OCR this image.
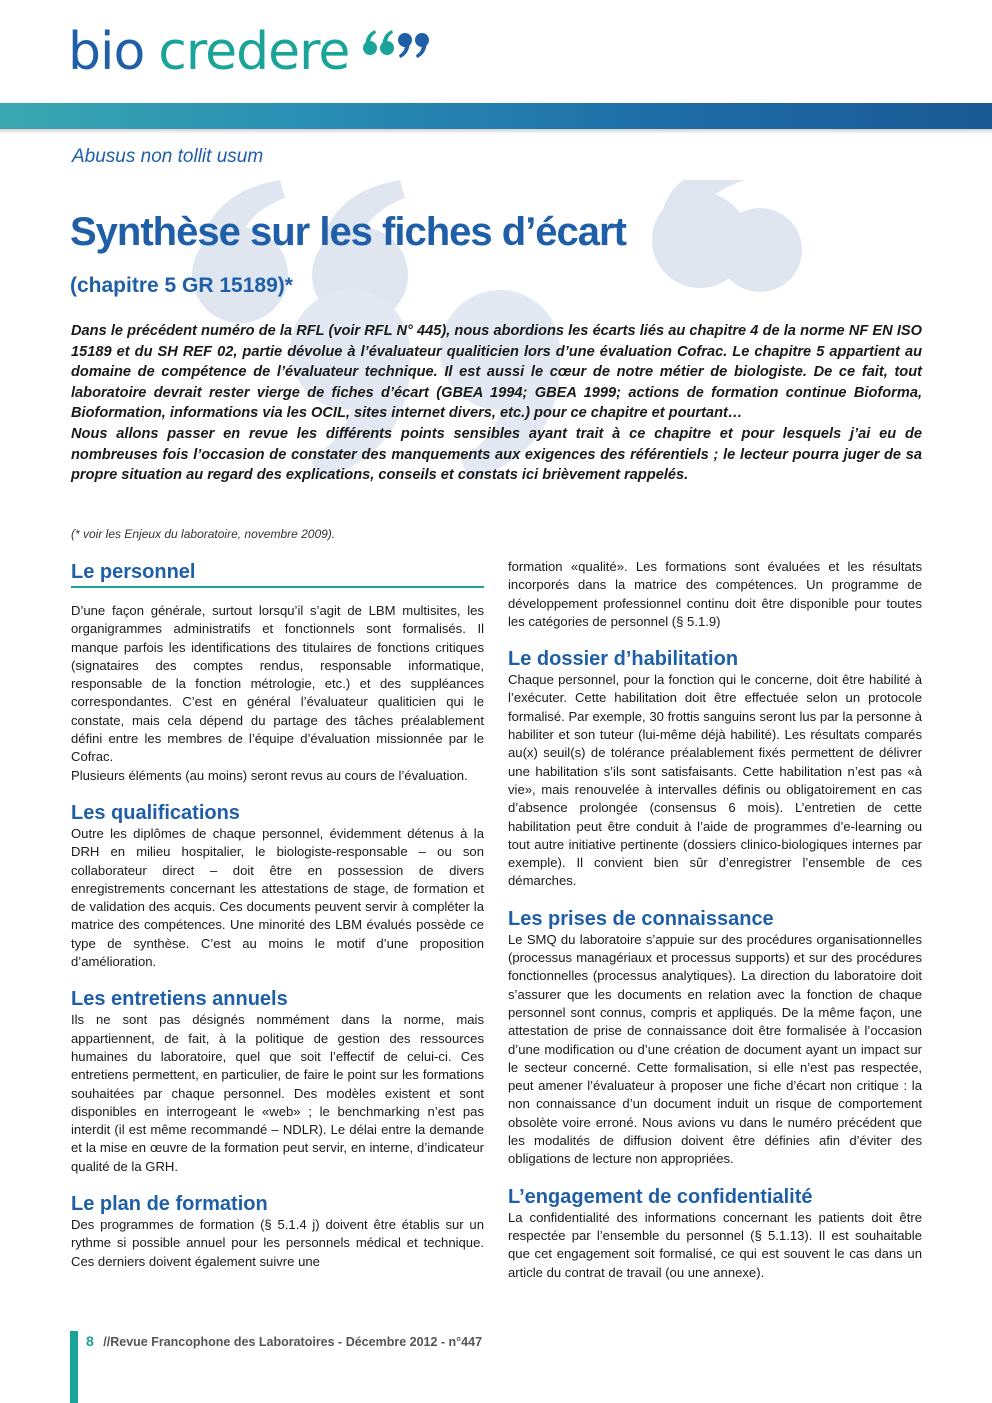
bio credere
Abusus non tollit usum
Synthèse sur les fiches d’écart
(chapitre 5 GR 15189)*

Dans le précédent numéro de la RFL (voir RFL N° 445), nous abordions les écarts liés au chapitre 4 de la norme NF EN ISO 15189 et du SH REF 02, partie dévolue à l’évaluateur qualiticien lors d’une évaluation Cofrac. Le chapitre 5 appartient au domaine de compétence de l’évaluateur technique. Il est aussi le cœur de notre métier de biologiste. De ce fait, tout laboratoire devrait rester vierge de fiches d’écart (GBEA 1994; GBEA 1999; actions de formation continue Bioforma, Bioformation, informations via les OCIL, sites internet divers, etc.) pour ce chapitre et pourtant…

Nous allons passer en revue les différents points sensibles ayant trait à ce chapitre et pour lesquels j’ai eu de nombreuses fois l’occasion de constater des manquements aux exigences des référentiels ; le lecteur pourra juger de sa propre situation au regard des explications, conseils et constats ici brièvement rappelés.

(* voir les Enjeux du laboratoire, novembre 2009).
Le personnel

D’une façon générale, surtout lorsqu’il s’agit de LBM multisites, les organigrammes administratifs et fonctionnels sont formalisés. Il manque parfois les identifications des titulaires de fonctions critiques (signataires des comptes rendus, responsable informatique, responsable de la fonction métrologie, etc.) et des suppléances correspondantes. C’est en général l’évaluateur qualiticien qui le constate, mais cela dépend du partage des tâches préalablement défini entre les membres de l’équipe d’évaluation missionnée par le Cofrac.

Plusieurs éléments (au moins) seront revus au cours de l’évaluation.

Les qualifications

Outre les diplômes de chaque personnel, évidemment détenus à la DRH en milieu hospitalier, le biologiste-responsable – ou son collaborateur direct – doit être en possession de divers enregistrements concernant les attestations de stage, de formation et de validation des acquis. Ces documents peuvent servir à compléter la matrice des compétences. Une minorité des LBM évalués possède ce type de synthèse. C’est au moins le motif d’une proposition d’amélioration.

Les entretiens annuels

Ils ne sont pas désignés nommément dans la norme, mais appartiennent, de fait, à la politique de gestion des ressources humaines du laboratoire, quel que soit l’effectif de celui-ci. Ces entretiens permettent, en particulier, de faire le point sur les formations souhaitées par chaque personnel. Des modèles existent et sont disponibles en interrogeant le «web» ; le benchmarking n’est pas interdit (il est même recommandé – NDLR). Le délai entre la demande et la mise en œuvre de la formation peut servir, en interne, d’indicateur qualité de la GRH.

Le plan de formation

Des programmes de formation (§ 5.1.4 j) doivent être établis sur un rythme si possible annuel pour les personnels médical et technique. Ces derniers doivent également suivre une

formation «qualité». Les formations sont évaluées et les résultats incorporés dans la matrice des compétences. Un programme de développement professionnel continu doit être disponible pour toutes les catégories de personnel (§ 5.1.9)

Le dossier d’habilitation

Chaque personnel, pour la fonction qui le concerne, doit être habilité à l’exécuter. Cette habilitation doit être effectuée selon un protocole formalisé. Par exemple, 30 frottis sanguins seront lus par la personne à habiliter et son tuteur (lui-même déjà habilité). Les résultats comparés au(x) seuil(s) de tolérance préalablement fixés permettent de délivrer une habilitation s’ils sont satisfaisants. Cette habilitation n’est pas «à vie», mais renouvelée à intervalles définis ou obligatoirement en cas d’absence prolongée (consensus 6 mois). L’entretien de cette habilitation peut être conduit à l’aide de programmes d’e-learning ou tout autre initiative pertinente (dossiers clinico-biologiques internes par exemple). Il convient bien sûr d’enregistrer l’ensemble de ces démarches.

Les prises de connaissance

Le SMQ du laboratoire s’appuie sur des procédures organisationnelles (processus managériaux et processus supports) et sur des procédures fonctionnelles (processus analytiques). La direction du laboratoire doit s’assurer que les documents en relation avec la fonction de chaque personnel sont connus, compris et appliqués. De la même façon, une attestation de prise de connaissance doit être formalisée à l’occasion d’une modification ou d’une création de document ayant un impact sur le secteur concerné. Cette formalisation, si elle n’est pas respectée, peut amener l’évaluateur à proposer une fiche d’écart non critique : la non connaissance d’un document induit un risque de comportement obsolète voire erroné. Nous avions vu dans le numéro précédent que les modalités de diffusion doivent être définies afin d’éviter des obligations de lecture non appropriées.

L’engagement de confidentialité

La confidentialité des informations concernant les patients doit être respectée par l’ensemble du personnel (§ 5.1.13). Il est souhaitable que cet engagement soit formalisé, ce qui est souvent le cas dans un article du contrat de travail (ou une annexe).

8 //Revue Francophone des Laboratoires - Décembre 2012 - n°447
